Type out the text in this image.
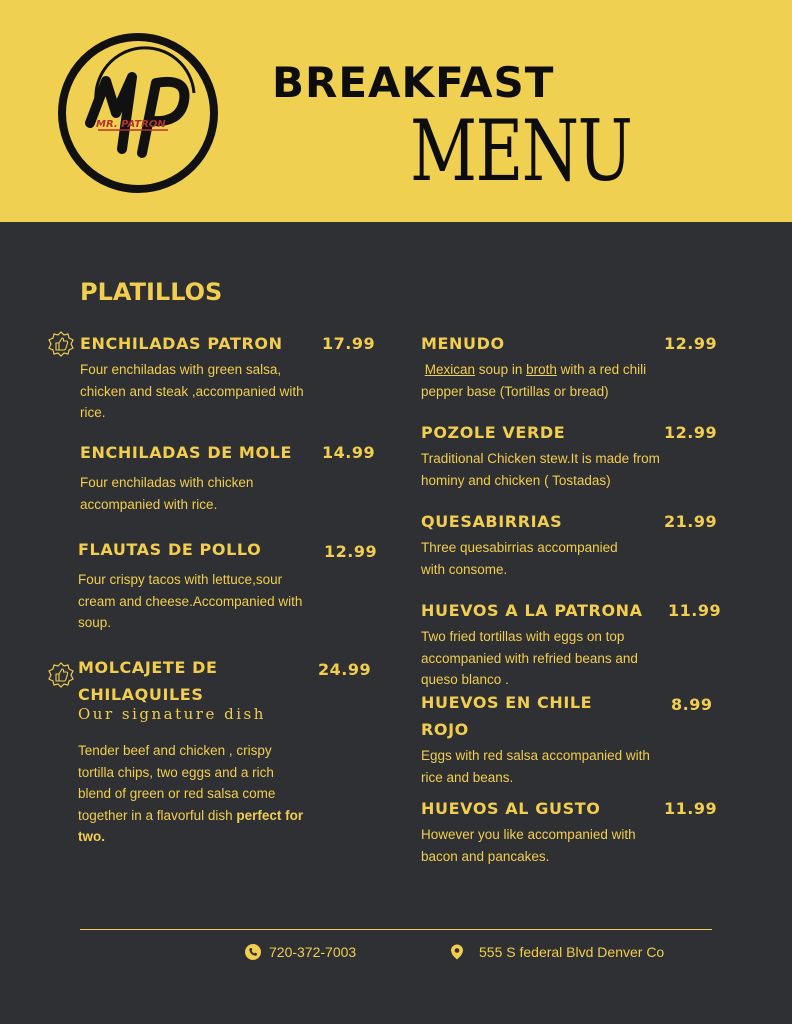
MR. PATRON
BREAKFAST
MENU
PLATILLOS
ENCHILADAS PATRON	17.99
Four enchiladas with green salsa, chicken and steak ,accompanied with rice.
ENCHILADAS DE MOLE	14.99
Four enchiladas with chicken accompanied with rice.
FLAUTAS DE POLLO	12.99
Four crispy tacos with lettuce,sour cream and cheese.Accompanied with soup.
MOLCAJETE DE CHILAQUILES
24.99
Our signature dish
Tender beef and chicken , crispy tortilla chips, two eggs and a rich blend of green or red salsa come together in a flavorful dish perfect for two.
MENUDO	12.99
Mexican soup in broth with a red chili pepper base (Tortillas or bread)
POZOLE VERDE	12.99
Traditional Chicken stew.It is made from hominy and chicken ( Tostadas)
QUESABIRRIAS	21.99
Three quesabirrias accompanied with consome.
HUEVOS A LA PATRONA	11.99
Two fried tortillas with eggs on top accompanied with refried beans and queso blanco .
HUEVOS EN CHILE ROJO
8.99
Eggs with red salsa accompanied with rice and beans.
HUEVOS AL GUSTO	11.99
However you like accompanied with bacon and pancakes.
720-372-7003	555 S federal Blvd Denver Co
